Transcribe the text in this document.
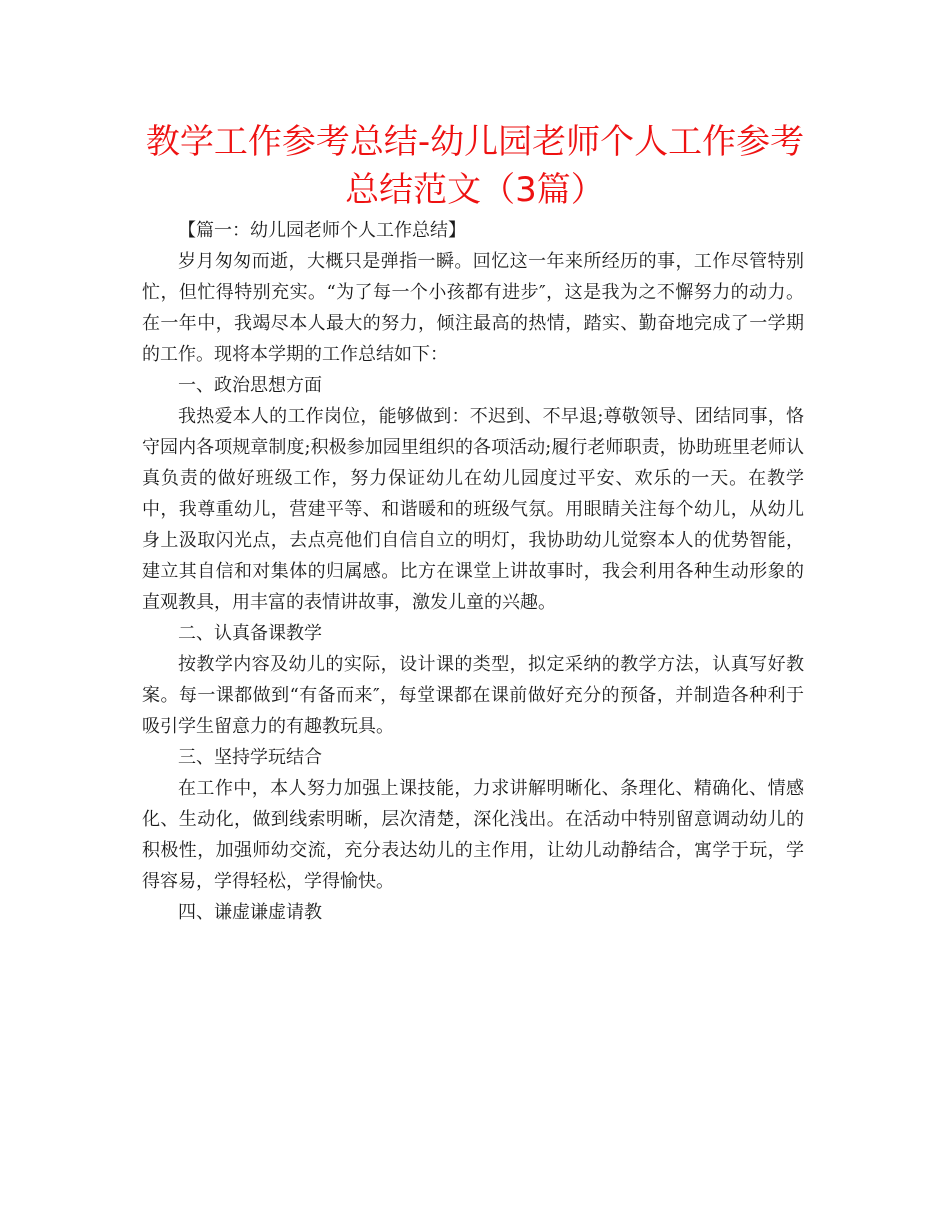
教学工作参考总结-幼儿园老师个人工作参考总结范文（3篇）

【篇一：幼儿园老师个人工作总结】

岁月匆匆而逝，大概只是弹指一瞬。回忆这一年来所经历的事，工作尽管特别忙，但忙得特别充实。“为了每一个小孩都有进步″，这是我为之不懈努力的动力。在一年中，我竭尽本人最大的努力，倾注最高的热情，踏实、勤奋地完成了一学期的工作。现将本学期的工作总结如下：

一、政治思想方面

我热爱本人的工作岗位，能够做到：不迟到、不早退;尊敬领导、团结同事，恪守园内各项规章制度;积极参加园里组织的各项活动;履行老师职责，协助班里老师认真负责的做好班级工作，努力保证幼儿在幼儿园度过平安、欢乐的一天。在教学中，我尊重幼儿，营建平等、和谐暖和的班级气氛。用眼睛关注每个幼儿，从幼儿身上汲取闪光点，去点亮他们自信自立的明灯，我协助幼儿觉察本人的优势智能，建立其自信和对集体的归属感。比方在课堂上讲故事时，我会利用各种生动形象的直观教具，用丰富的表情讲故事，激发儿童的兴趣。

二、认真备课教学

按教学内容及幼儿的实际，设计课的类型，拟定采纳的教学方法，认真写好教案。每一课都做到“有备而来″，每堂课都在课前做好充分的预备，并制造各种利于吸引学生留意力的有趣教玩具。

三、坚持学玩结合

在工作中，本人努力加强上课技能，力求讲解明晰化、条理化、精确化、情感化、生动化，做到线索明晰，层次清楚，深化浅出。在活动中特别留意调动幼儿的积极性，加强师幼交流，充分表达幼儿的主作用，让幼儿动静结合，寓学于玩，学得容易，学得轻松，学得愉快。

四、谦虚谦虚请教
